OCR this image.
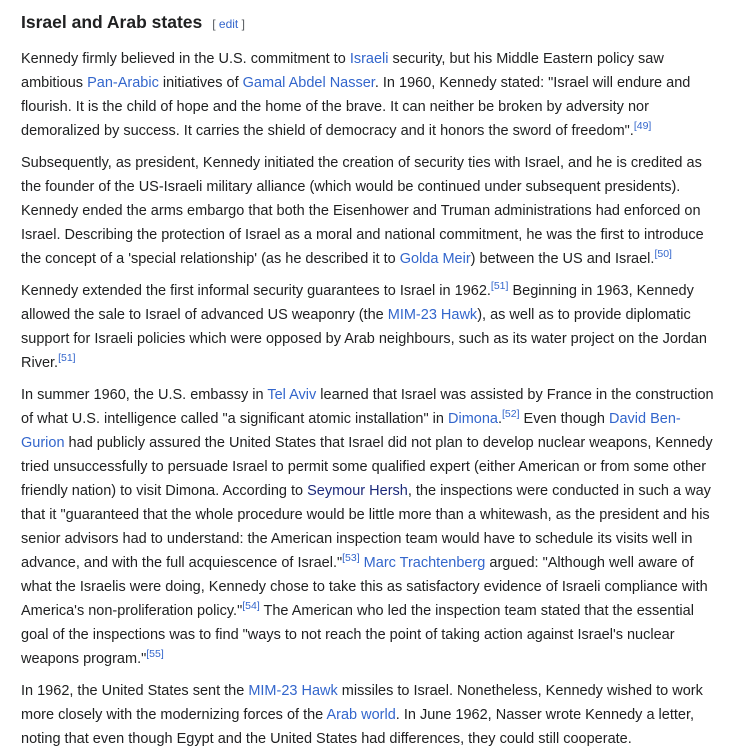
Israel and Arab states [ edit ]

Kennedy firmly believed in the U.S. commitment to Israeli security, but his Middle Eastern policy saw ambitious Pan-Arabic initiatives of Gamal Abdel Nasser. In 1960, Kennedy stated: "Israel will endure and flourish. It is the child of hope and the home of the brave. It can neither be broken by adversity nor demoralized by success. It carries the shield of democracy and it honors the sword of freedom".[49]

Subsequently, as president, Kennedy initiated the creation of security ties with Israel, and he is credited as the founder of the US-Israeli military alliance (which would be continued under subsequent presidents). Kennedy ended the arms embargo that both the Eisenhower and Truman administrations had enforced on Israel. Describing the protection of Israel as a moral and national commitment, he was the first to introduce the concept of a 'special relationship' (as he described it to Golda Meir) between the US and Israel.[50]

Kennedy extended the first informal security guarantees to Israel in 1962.[51] Beginning in 1963, Kennedy allowed the sale to Israel of advanced US weaponry (the MIM-23 Hawk), as well as to provide diplomatic support for Israeli policies which were opposed by Arab neighbours, such as its water project on the Jordan River.[51]

In summer 1960, the U.S. embassy in Tel Aviv learned that Israel was assisted by France in the construction of what U.S. intelligence called "a significant atomic installation" in Dimona.[52] Even though David Ben-Gurion had publicly assured the United States that Israel did not plan to develop nuclear weapons, Kennedy tried unsuccessfully to persuade Israel to permit some qualified expert (either American or from some other friendly nation) to visit Dimona. According to Seymour Hersh, the inspections were conducted in such a way that it "guaranteed that the whole procedure would be little more than a whitewash, as the president and his senior advisors had to understand: the American inspection team would have to schedule its visits well in advance, and with the full acquiescence of Israel."[53] Marc Trachtenberg argued: "Although well aware of what the Israelis were doing, Kennedy chose to take this as satisfactory evidence of Israeli compliance with America's non-proliferation policy."[54] The American who led the inspection team stated that the essential goal of the inspections was to find "ways to not reach the point of taking action against Israel's nuclear weapons program."[55]

In 1962, the United States sent the MIM-23 Hawk missiles to Israel. Nonetheless, Kennedy wished to work more closely with the modernizing forces of the Arab world. In June 1962, Nasser wrote Kennedy a letter, noting that even though Egypt and the United States had differences, they could still cooperate.
